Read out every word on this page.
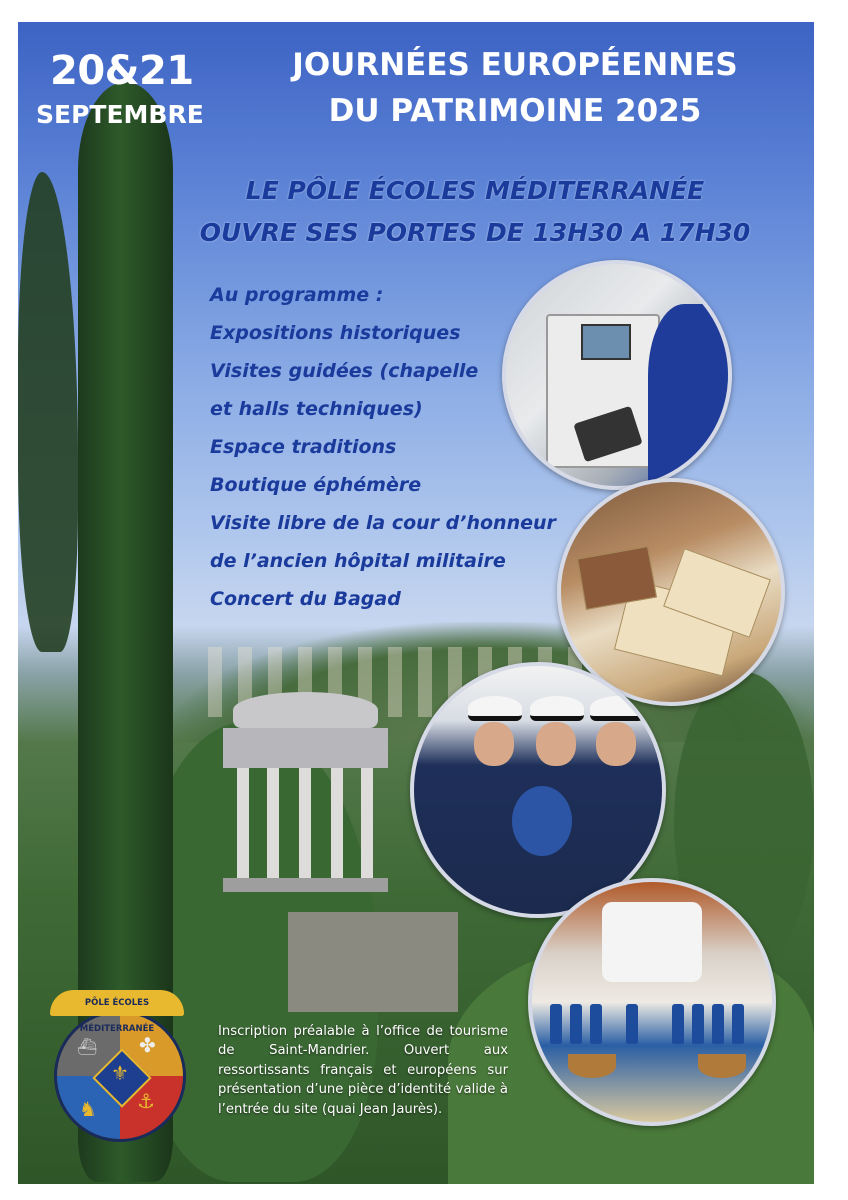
20&21
SEPTEMBRE
JOURNÉES EUROPÉENNES
DU PATRIMOINE 2025
LE PÔLE ÉCOLES MÉDITERRANÉE
OUVRE SES PORTES DE 13H30 A 17H30
Au programme :
Expositions historiques
Visites guidées (chapelle
et halls techniques)
Espace traditions
Boutique éphémère
Visite libre de la cour d’honneur
de l’ancien hôpital militaire
Concert du Bagad
Inscription préalable à l’office de tourisme de Saint-Mandrier. Ouvert aux ressortissants français et européens sur présentation d’une pièce d’identité valide à l’entrée du site (quai Jean Jaurès).
⚜
⚓
♞
✤
⛴
PÔLE ÉCOLES MÉDITERRANÉE
